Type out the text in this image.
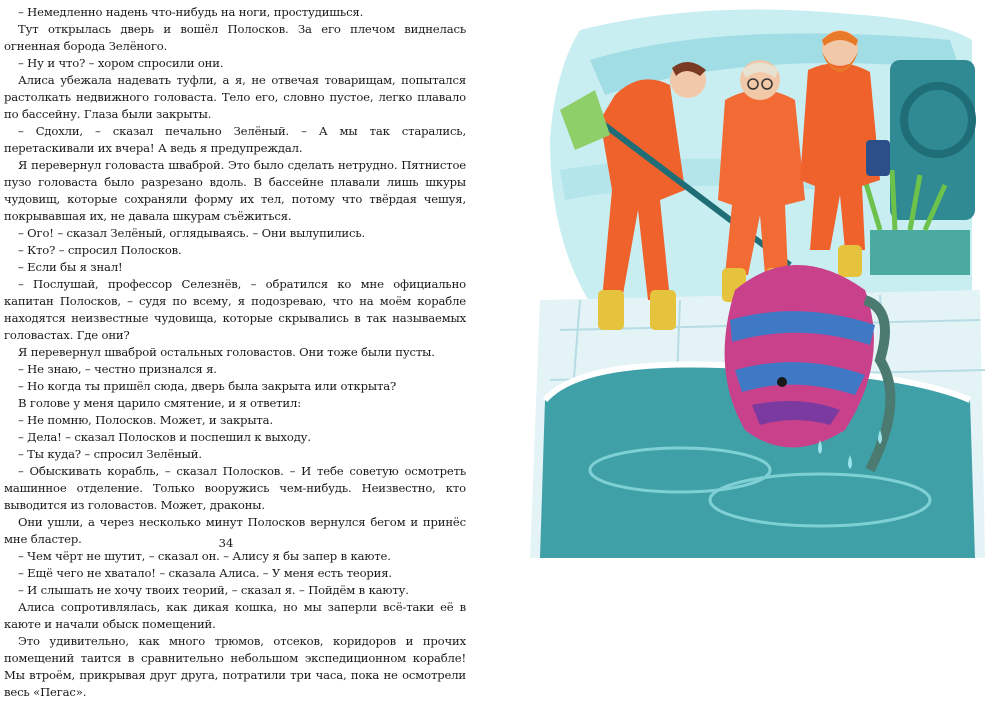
– Немедленно надень что-нибудь на ноги, простудишься.

Тут открылась дверь и вошёл Полосков. За его плечом виднелась огненная борода Зелёного.

– Ну и что? – хором спросили они.

Алиса убежала надевать туфли, а я, не отвечая товарищам, попытался растолкать недвижного головаста. Тело его, словно пустое, легко плавало по бассейну. Глаза были закрыты.

– Сдохли, – сказал печально Зелёный. – А мы так старались, перетаскивали их вчера! А ведь я предупреждал.

Я перевернул головаста шваброй. Это было сделать нетрудно. Пятнистое пузо головаста было разрезано вдоль. В бассейне плавали лишь шкуры чудовищ, которые сохраняли форму их тел, потому что твёрдая чешуя, покрывавшая их, не давала шкурам съёжиться.

– Ого! – сказал Зелёный, оглядываясь. – Они вылупились.

– Кто? – спросил Полосков.

– Если бы я знал!

– Послушай, профессор Селезнёв, – обратился ко мне официально капитан Полосков, – судя по всему, я подозреваю, что на моём корабле находятся неизвестные чудовища, которые скрывались в так называемых головастах. Где они?

Я перевернул шваброй остальных головастов. Они тоже были пусты.

– Не знаю, – честно признался я.

– Но когда ты пришёл сюда, дверь была закрыта или открыта?

В голове у меня царило смятение, и я ответил:

– Не помню, Полосков. Может, и закрыта.

– Дела! – сказал Полосков и поспешил к выходу.

– Ты куда? – спросил Зелёный.

– Обыскивать корабль, – сказал Полосков. – И тебе советую осмотреть машинное отделение. Только вооружись чем-нибудь. Неизвестно, кто выводится из головастов. Может, драконы.

Они ушли, а через несколько минут Полосков вернулся бегом и принёс мне бластер.

– Чем чёрт не шутит, – сказал он. – Алису я бы запер в каюте.

– Ещё чего не хватало! – сказала Алиса. – У меня есть теория.

– И слышать не хочу твоих теорий, – сказал я. – Пойдём в каюту.

Алиса сопротивлялась, как дикая кошка, но мы заперли всё-таки её в каюте и начали обыск помещений.

Это удивительно, как много трюмов, отсеков, коридоров и прочих помещений таится в сравнительно небольшом экспедиционном корабле! Мы втроём, прикрывая друг друга, потратили три часа, пока не осмотрели весь «Пегас».

34
